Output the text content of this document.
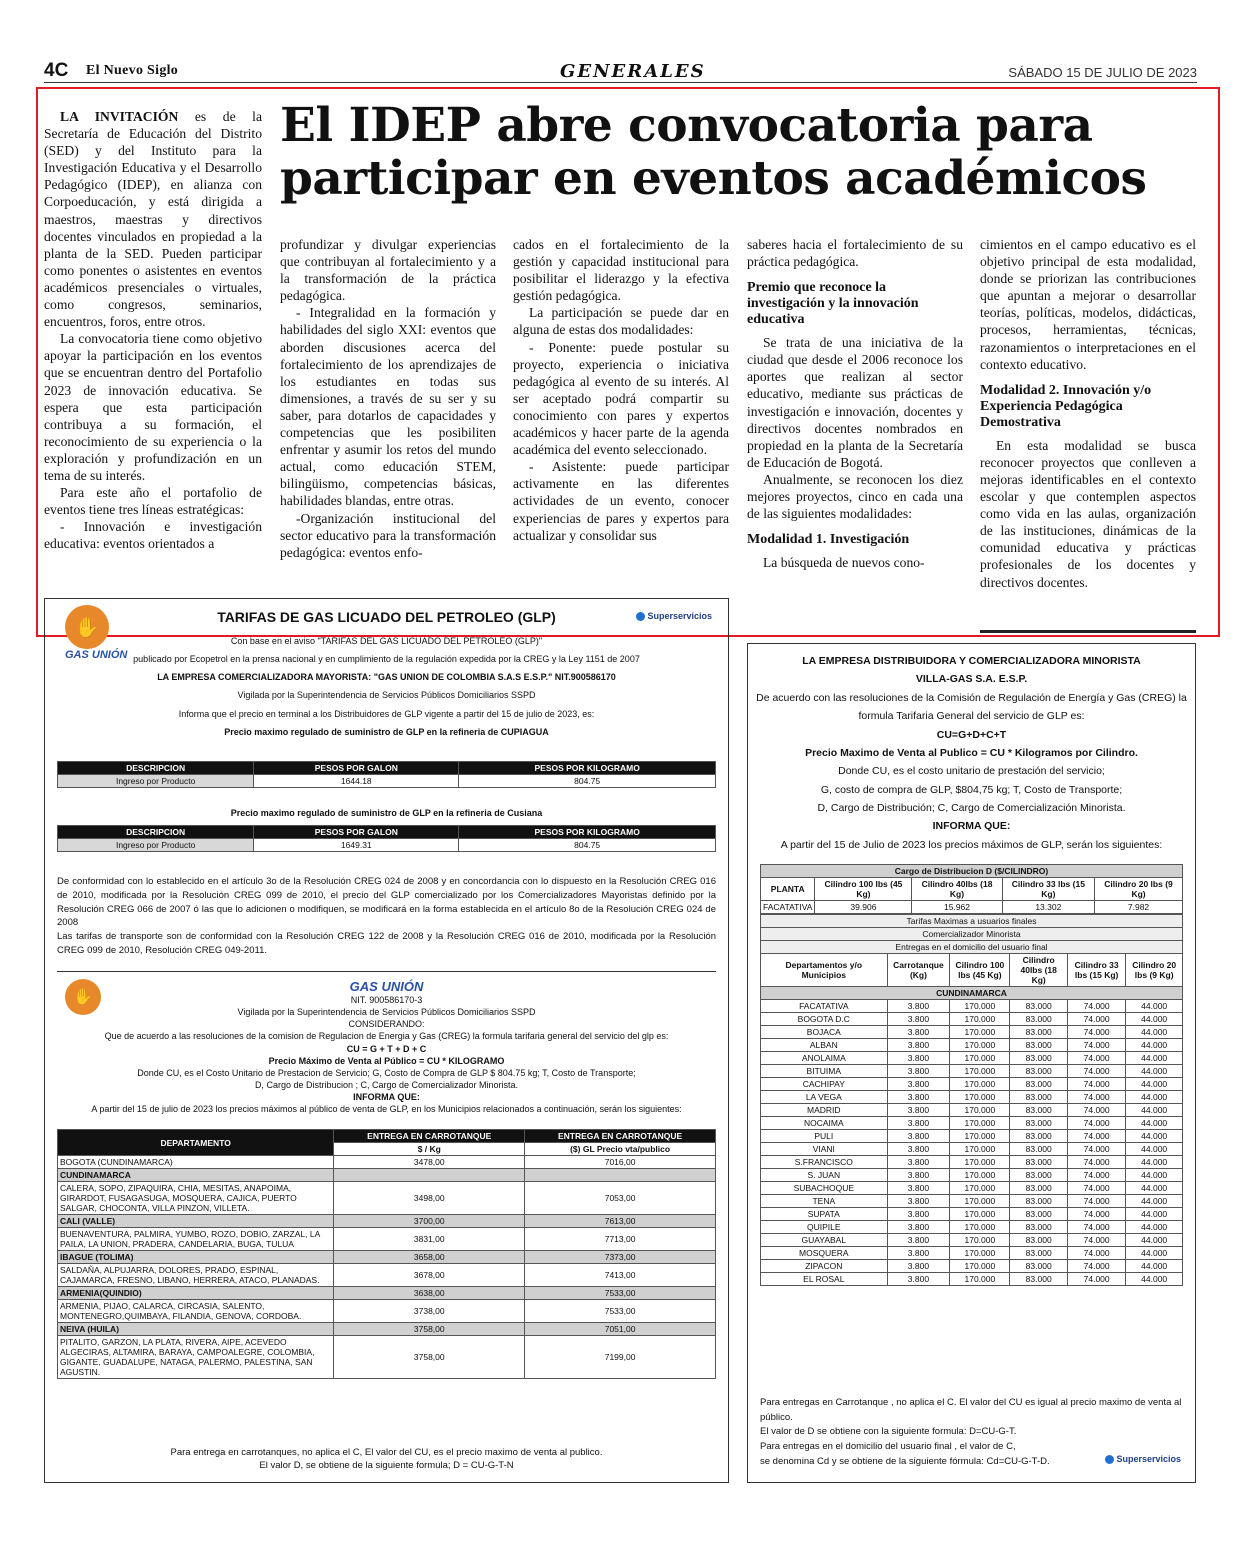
4C El Nuevo Siglo	GENERALES	SÁBADO 15 DE JULIO DE 2023
El IDEP abre convocatoria para participar en eventos académicos

LA INVITACIÓN es de la Secretaría de Educación del Distrito (SED) y del Instituto para la Investigación Educativa y el Desarrollo Pedagógico (IDEP), en alianza con Corpoeducación, y está dirigida a maestros, maestras y directivos docentes vinculados en propiedad a la planta de la SED. Pueden participar como ponentes o asistentes en eventos académicos presenciales o virtuales, como congresos, seminarios, encuentros, foros, entre otros.

La convocatoria tiene como objetivo apoyar la participación en los eventos que se encuentran dentro del Portafolio 2023 de innovación educativa. Se espera que esta participación contribuya a su formación, el reconocimiento de su experiencia o la exploración y profundización en un tema de su interés.

Para este año el portafolio de eventos tiene tres líneas estratégicas:

- Innovación e investigación educativa: eventos orientados a

profundizar y divulgar experiencias que contribuyan al fortalecimiento y a la transformación de la práctica pedagógica.

- Integralidad en la formación y habilidades del siglo XXI: eventos que aborden discusiones acerca del fortalecimiento de los aprendizajes de los estudiantes en todas sus dimensiones, a través de su ser y su saber, para dotarlos de capacidades y competencias que les posibiliten enfrentar y asumir los retos del mundo actual, como educación STEM, bilingüismo, competencias básicas, habilidades blandas, entre otras.

-Organización institucional del sector educativo para la transformación pedagógica: eventos enfo-

cados en el fortalecimiento de la gestión y capacidad institucional para posibilitar el liderazgo y la efectiva gestión pedagógica.

La participación se puede dar en alguna de estas dos modalidades:

- Ponente: puede postular su proyecto, experiencia o iniciativa pedagógica al evento de su interés. Al ser aceptado podrá compartir su conocimiento con pares y expertos académicos y hacer parte de la agenda académica del evento seleccionado.

- Asistente: puede participar activamente en las diferentes actividades de un evento, conocer experiencias de pares y expertos para actualizar y consolidar sus

saberes hacia el fortalecimiento de su práctica pedagógica.

Premio que reconoce la investigación y la innovación educativa

Se trata de una iniciativa de la ciudad que desde el 2006 reconoce los aportes que realizan al sector educativo, mediante sus prácticas de investigación e innovación, docentes y directivos docentes nombrados en propiedad en la planta de la Secretaría de Educación de Bogotá.

Anualmente, se reconocen los diez mejores proyectos, cinco en cada una de las siguientes modalidades:

Modalidad 1. Investigación

La búsqueda de nuevos cono-

cimientos en el campo educativo es el objetivo principal de esta modalidad, donde se priorizan las contribuciones que apuntan a mejorar o desarrollar teorías, políticas, modelos, didácticas, procesos, herramientas, técnicas, razonamientos o interpretaciones en el contexto educativo.

Modalidad 2. Innovación y/o Experiencia Pedagógica Demostrativa

En esta modalidad se busca reconocer proyectos que conlleven a mejoras identificables en el contexto escolar y que contemplen aspectos como vida en las aulas, organización de las instituciones, dinámicas de la comunidad educativa y prácticas profesionales de los docentes y directivos docentes.

✋
GAS UNIÓN
TARIFAS DE GAS LICUADO DEL PETROLEO (GLP)	Superservicios
Con base en el aviso "TARIFAS DEL GAS LICUADO DEL PETROLEO (GLP)"
publicado por Ecopetrol en la prensa nacional y en cumplimiento de la regulación expedida por la CREG y la Ley 1151 de 2007
LA EMPRESA COMERCIALIZADORA MAYORISTA: "GAS UNION DE COLOMBIA S.A.S E.S.P." NIT.900586170
Vigilada por la Superintendencia de Servicios Públicos Domiciliarios SSPD
Informa que el precio en terminal a los Distribuidores de GLP vigente a partir del 15 de julio de 2023, es:
Precio maximo regulado de suministro de GLP en la refineria de CUPIAGUA
DESCRIPCION	PESOS POR GALON	PESOS POR KILOGRAMO
Ingreso por Producto	1644.18	804.75
Precio maximo regulado de suministro de GLP en la refineria de Cusiana
DESCRIPCION	PESOS POR GALON	PESOS POR KILOGRAMO
Ingreso por Producto	1649.31	804.75
De conformidad con lo establecido en el artículo 3o de la Resolución CREG 024 de 2008 y en concordancia con lo dispuesto en la Resolución CREG 016 de 2010, modificada por la Resolución CREG 099 de 2010, el precio del GLP comercializado por los Comercializadores Mayoristas definido por la Resolución CREG 066 de 2007 ó las que lo adicionen o modifiquen, se modificará en la forma establecida en el artículo 8o de la Resolución CREG 024 de 2008
Las tarifas de transporte son de conformidad con la Resolución CREG 122 de 2008 y la Resolución CREG 016 de 2010, modificada por la Resolución CREG 099 de 2010, Resolución CREG 049-2011.
✋
GAS UNIÓN
NIT. 900586170-3
Vigilada por la Superintendencia de Servicios Públicos Domiciliarios SSPD
CONSIDERANDO:
Que de acuerdo a las resoluciones de la comision de Regulacion de Energia y Gas (CREG) la formula tarifaria general del servicio del glp es:
CU = G + T + D + C
Precio Máximo de Venta al Público = CU * KILOGRAMO
Donde CU, es el Costo Unitario de Prestacion de Servicio; G, Costo de Compra de GLP $ 804.75 kg; T, Costo de Transporte;
D, Cargo de Distribucion ; C, Cargo de Comercializador Minorista.
INFORMA QUE:
A partir del 15 de julio de 2023 los precios máximos al público de venta de GLP, en los Municipios relacionados a continuación, serán los siguientes:
DEPARTAMENTO	ENTREGA EN CARROTANQUE	ENTREGA EN CARROTANQUE
	$ / Kg	($) GL Precio vta/publico
BOGOTA (CUNDINAMARCA)	3478,00	7016,00
CUNDINAMARCA		
CALERA, SOPO, ZIPAQUIRA, CHIA, MESITAS, ANAPOIMA, GIRARDOT, FUSAGASUGA, MOSQUERA, CAJICA, PUERTO SALGAR, CHOCONTA, VILLA PINZON, VILLETA.	3498,00	7053,00
CALI (VALLE)	3700,00	7613,00
BUENAVENTURA, PALMIRA, YUMBO, ROZO, DOBIO, ZARZAL, LA PAILA, LA UNION, PRADERA, CANDELARIA, BUGA, TULUA	3831,00	7713,00
IBAGUE (TOLIMA)	3658,00	7373,00
SALDAÑA, ALPUJARRA, DOLORES, PRADO, ESPINAL, CAJAMARCA, FRESNO, LIBANO, HERRERA, ATACO, PLANADAS.	3678,00	7413,00
ARMENIA(QUINDIO)	3638,00	7533,00
ARMENIA, PIJAO, CALARCA, CIRCASIA, SALENTO, MONTENEGRO,QUIMBAYA, FILANDIA, GENOVA, CORDOBA.	3738,00	7533,00
NEIVA (HUILA)	3758,00	7051,00
PITALITO, GARZON, LA PLATA, RIVERA, AIPE, ACEVEDO ALGECIRAS, ALTAMIRA, BARAYA, CAMPOALEGRE, COLOMBIA, GIGANTE, GUADALUPE, NATAGA, PALERMO, PALESTINA, SAN AGUSTIN.	3758,00	7199,00
Para entrega en carrotanques, no aplica el C, El valor del CU, es el precio maximo de venta al publico.
El valor D, se obtiene de la siguiente formula; D = CU-G-T-N
LA EMPRESA DISTRIBUIDORA Y COMERCIALIZADORA MINORISTA
VILLA-GAS S.A. E.S.P.
De acuerdo con las resoluciones de la Comisión de Regulación de Energía y Gas (CREG) la formula Tarifaria General del servicio de GLP es:
CU=G+D+C+T
Precio Maximo de Venta al Publico = CU * Kilogramos por Cilindro.
Donde CU, es el costo unitario de prestación del servicio;
G, costo de compra de GLP, $804,75 kg; T, Costo de Transporte;
D, Cargo de Distribución; C, Cargo de Comercialización Minorista.
INFORMA QUE:
A partir del 15 de Julio de 2023 los precios máximos de GLP, serán los siguientes:
Cargo de Distribucion D ($/CILINDRO)				
PLANTA	Cilindro 100 lbs (45 Kg)	Cilindro 40lbs (18 Kg)	Cilindro 33 lbs (15 Kg)	Cilindro 20 lbs (9 Kg)
FACATATIVA	39.906	15.962	13.302	7.982
Tarifas Maximas a usuarios finales					
Comercializador Minorista					
Entregas en el domicilio del usuario final					
Departamentos y/o Municipios	Carrotanque (Kg)	Cilindro 100 lbs (45 Kg)	Cilindro 40lbs (18 Kg)	Cilindro 33 lbs (15 Kg)	Cilindro 20 lbs (9 Kg)
CUNDINAMARCA					
FACATATIVA	3.800	170.000	83.000	74.000	44.000
BOGOTA D.C	3.800	170.000	83.000	74.000	44.000
BOJACA	3.800	170.000	83.000	74.000	44.000
ALBAN	3.800	170.000	83.000	74.000	44.000
ANOLAIMA	3.800	170.000	83.000	74.000	44.000
BITUIMA	3.800	170.000	83.000	74.000	44.000
CACHIPAY	3.800	170.000	83.000	74.000	44.000
LA VEGA	3.800	170.000	83.000	74.000	44.000
MADRID	3.800	170.000	83.000	74.000	44.000
NOCAIMA	3.800	170.000	83.000	74.000	44.000
PULI	3.800	170.000	83.000	74.000	44.000
VIANI	3.800	170.000	83.000	74.000	44.000
S.FRANCISCO	3.800	170.000	83.000	74.000	44.000
S. JUAN	3.800	170.000	83.000	74.000	44.000
SUBACHOQUE	3.800	170.000	83.000	74.000	44.000
TENA	3.800	170.000	83.000	74.000	44.000
SUPATA	3.800	170.000	83.000	74.000	44.000
QUIPILE	3.800	170.000	83.000	74.000	44.000
GUAYABAL	3.800	170.000	83.000	74.000	44.000
MOSQUERA	3.800	170.000	83.000	74.000	44.000
ZIPACON	3.800	170.000	83.000	74.000	44.000
EL ROSAL	3.800	170.000	83.000	74.000	44.000
Para entregas en Carrotanque , no aplica el C. El valor del CU es igual al precio maximo de venta al público.
El valor de D se obtiene con la siguiente formula: D=CU-G-T.
Para entregas en el domicilio del usuario final , el valor de C,
se denomina Cd y se obtiene de la siguiente fórmula: Cd=CU-G-T-D.	Superservicios
